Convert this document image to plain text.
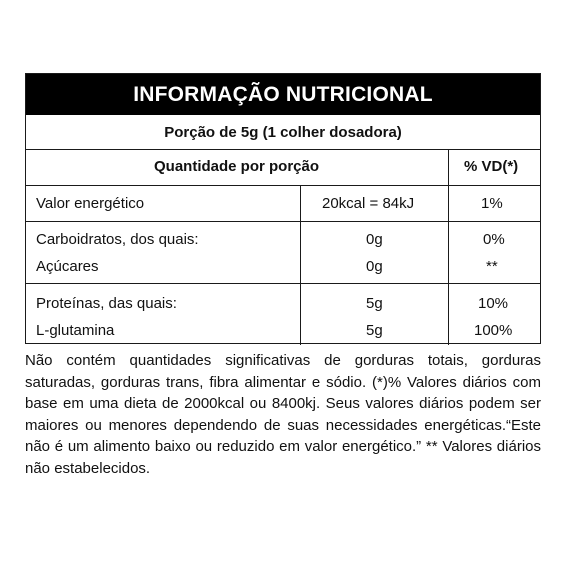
INFORMAÇÃO NUTRICIONAL
Porção de 5g (1 colher dosadora)
Quantidade por porção	% VD(*)
Valor energético	20kcal = 84kJ	1%
Carboidratos, dos quais:	0g	0%
Açúcares	0g	**
Proteínas, das quais:	5g	10%
L-glutamina	5g	100%
Não contém quantidades significativas de gorduras totais, gorduras saturadas, gorduras trans, fibra alimentar e sódio. (*)% Valores diários com base em uma dieta de 2000kcal ou 8400kj. Seus valores diários podem ser maiores ou menores dependendo de suas necessidades energéticas.“Este não é um alimento baixo ou reduzido em valor energético.” ** Valores diários não estabelecidos.
